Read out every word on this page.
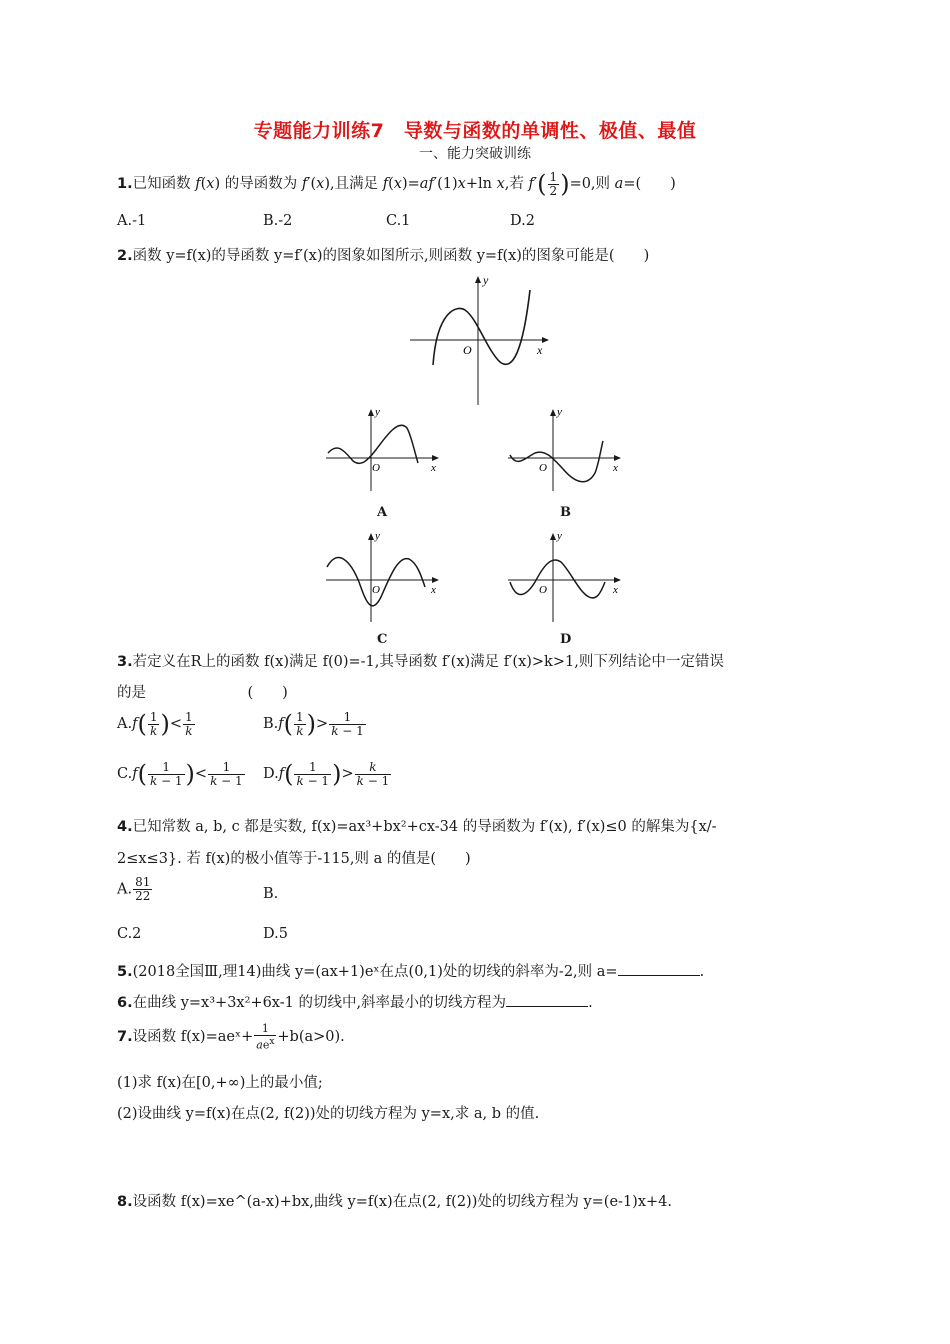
专题能力训练7　导数与函数的单调性、极值、最值
一、能力突破训练
1.已知函数 f(x) 的导函数为 f′(x),且满足 f(x)=af′(1)x+ln x,若 $f'( \frac{1}{2} )=0$,则 a=(　　)
A.-1	B.-2	C.1	D.2
2.函数 y=f(x)的导函数 y=f′(x)的图象如图所示,则函数 y=f(x)的图象可能是(　　)
y
x
O
y
x
O
A
y
x
O
B
y
x
O
C
y
x
O
D
3.若定义在R上的函数 f(x)满足 f(0)=-1,其导函数 f′(x)满足 f′(x)>k>1,则下列结论中一定错误
的是　　　　　　　(　　)
$A.f( \frac{1}{k}$ )< $\frac{1}{k}$	$B.f( \frac{1}{k}$ )> $\frac{1}{k - 1}$
$C.f( \frac{1}{k - 1}$ )< $\frac{1}{k - 1} D.f( \frac{1}{k - 1}$ )> $\frac{k}{k - 1}$
4.已知常数 a, b, c 都是实数, f(x)=ax³+bx²+cx-34 的导函数为 f′(x), f′(x)≤0 的解集为{x/-
2≤x≤3}. 若 f(x)的极小值等于-115,则 a 的值是(　　)
A. $\frac{81}{22}$	B.
C.2	D.5
5.(2018全国Ⅲ,理14)曲线 y=(ax+1)eˣ在点(0,1)处的切线的斜率为-2,则 a=	.
6.在曲线 y=x³+3x²+6x-1 的切线中,斜率最小的切线方程为	.
7.设函数 f(x)=aeˣ+ $\frac{1}{ae^x} +b(a>0)$.
(1)求 f(x)在[0,+∞)上的最小值;
(2)设曲线 y=f(x)在点(2, f(2))处的切线方程为 y=x,求 a, b 的值.
8.设函数 f(x)=xe^(a-x)+bx,曲线 y=f(x)在点(2, f(2))处的切线方程为 y=(e-1)x+4.
